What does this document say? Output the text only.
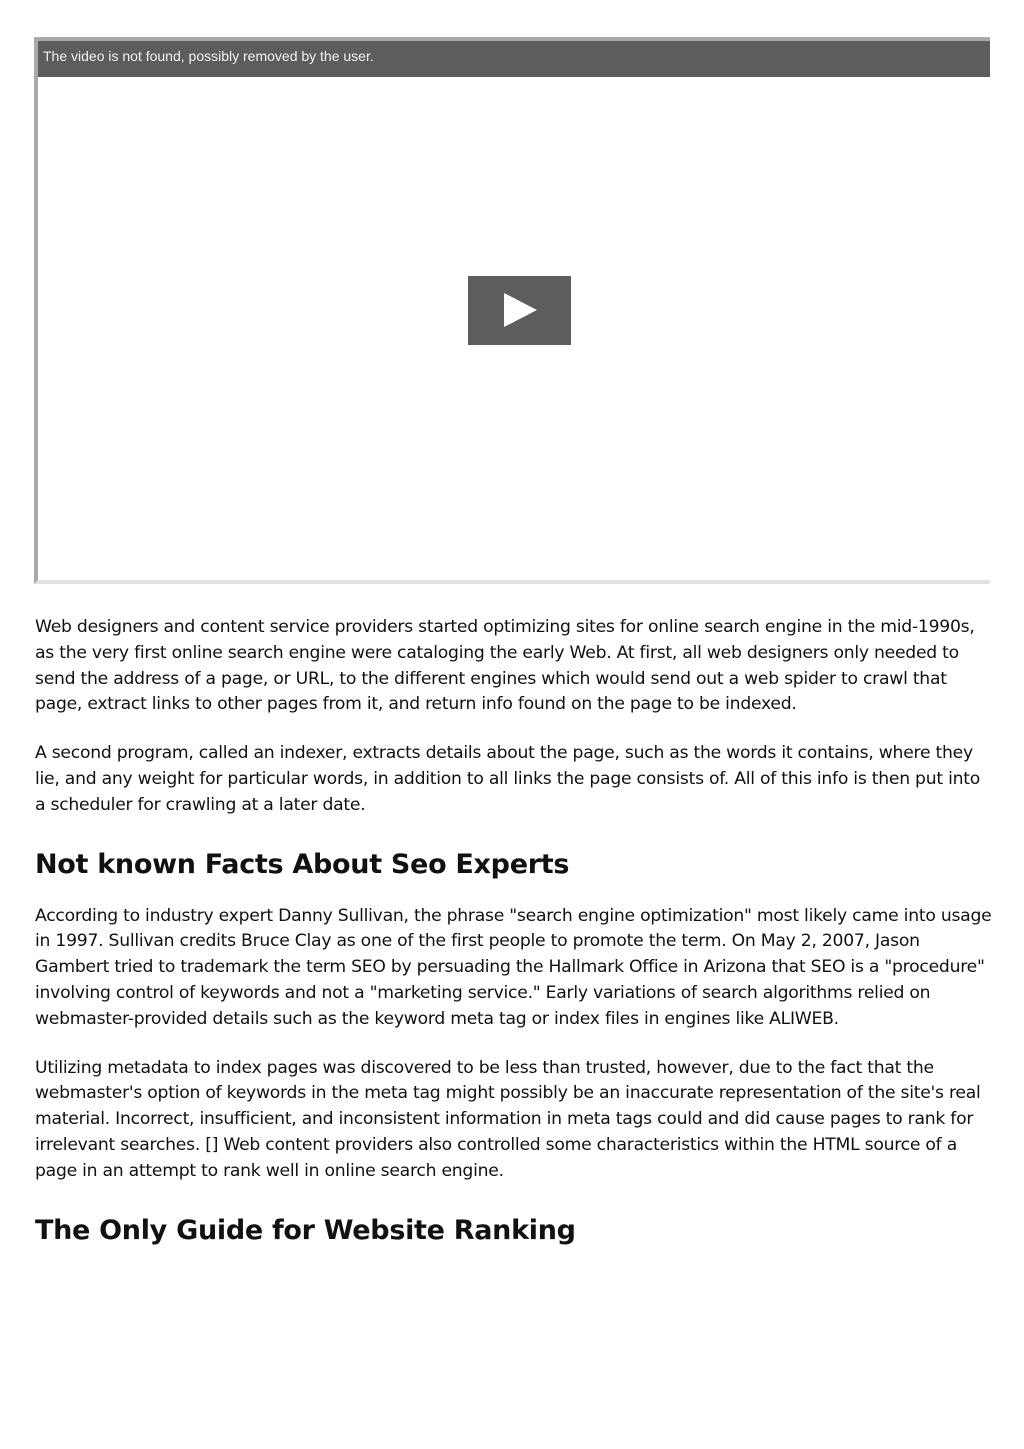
The video is not found, possibly removed by the user.

Web designers and content service providers started optimizing sites for online search engine in the mid-1990s, as the very first online search engine were cataloging the early Web. At first, all web designers only needed to send the address of a page, or URL, to the different engines which would send out a web spider to crawl that page, extract links to other pages from it, and return info found on the page to be indexed.

A second program, called an indexer, extracts details about the page, such as the words it contains, where they lie, and any weight for particular words, in addition to all links the page consists of. All of this info is then put into a scheduler for crawling at a later date.

Not known Facts About Seo Experts

According to industry expert Danny Sullivan, the phrase "search engine optimization" most likely came into usage in 1997. Sullivan credits Bruce Clay as one of the first people to promote the term. On May 2, 2007, Jason Gambert tried to trademark the term SEO by persuading the Hallmark Office in Arizona that SEO is a "procedure" involving control of keywords and not a "marketing service." Early variations of search algorithms relied on webmaster-provided details such as the keyword meta tag or index files in engines like ALIWEB.

Utilizing metadata to index pages was discovered to be less than trusted, however, due to the fact that the webmaster's option of keywords in the meta tag might possibly be an inaccurate representation of the site's real material. Incorrect, insufficient, and inconsistent information in meta tags could and did cause pages to rank for irrelevant searches. [] Web content providers also controlled some characteristics within the HTML source of a page in an attempt to rank well in online search engine.

The Only Guide for Website Ranking
